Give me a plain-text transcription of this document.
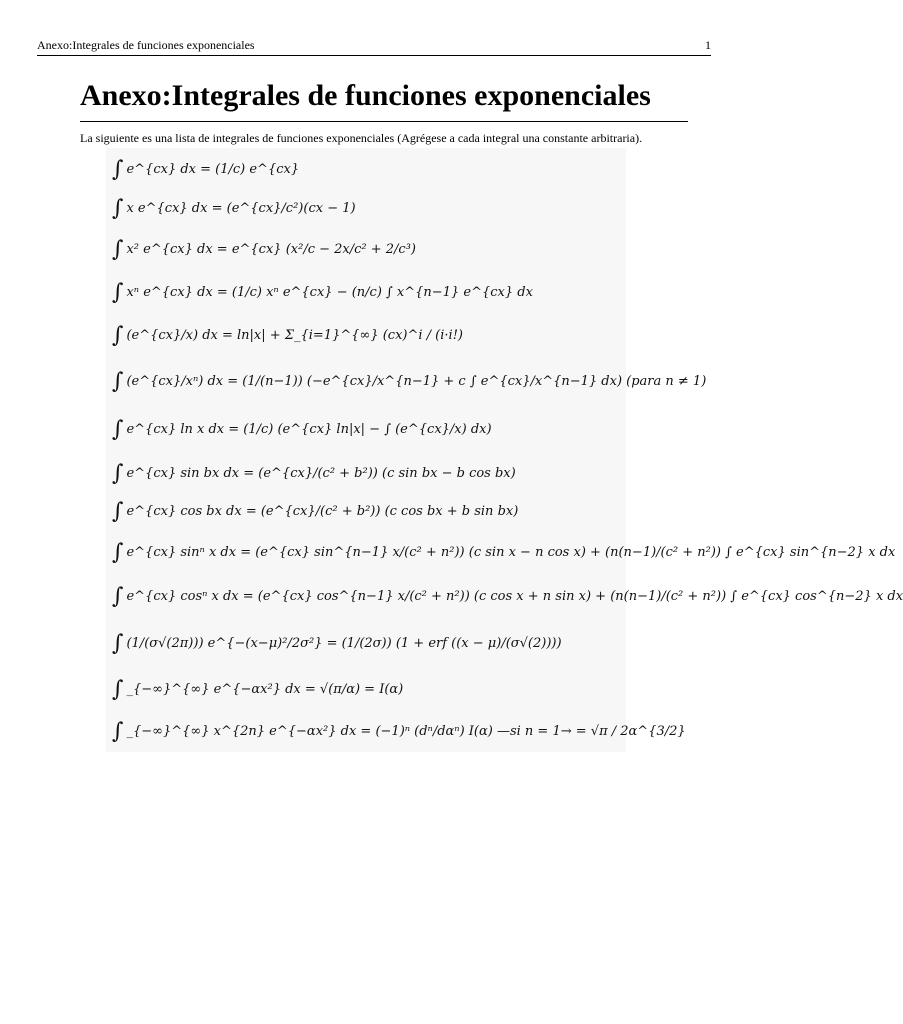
Anexo:Integrales de funciones exponenciales	1
Anexo:Integrales de funciones exponenciales

La siguiente es una lista de integrales de funciones exponenciales (Agrégese a cada integral una constante arbitraria).

∫ e^{cx} dx = (1/c) e^{cx}
∫ x e^{cx} dx = (e^{cx}/c²)(cx − 1)
∫ x² e^{cx} dx = e^{cx} (x²/c − 2x/c² + 2/c³)
∫ xⁿ e^{cx} dx = (1/c) xⁿ e^{cx} − (n/c) ∫ x^{n−1} e^{cx} dx
∫ (e^{cx}/x) dx = ln|x| + Σ_{i=1}^{∞} (cx)^i / (i·i!)
∫ (e^{cx}/xⁿ) dx = (1/(n−1)) (−e^{cx}/x^{n−1} + c ∫ e^{cx}/x^{n−1} dx) (para n ≠ 1)
∫ e^{cx} ln x dx = (1/c) (e^{cx} ln|x| − ∫ (e^{cx}/x) dx)
∫ e^{cx} sin bx dx = (e^{cx}/(c² + b²)) (c sin bx − b cos bx)
∫ e^{cx} cos bx dx = (e^{cx}/(c² + b²)) (c cos bx + b sin bx)
∫ e^{cx} sinⁿ x dx = (e^{cx} sin^{n−1} x/(c² + n²)) (c sin x − n cos x) + (n(n−1)/(c² + n²)) ∫ e^{cx} sin^{n−2} x dx
∫ e^{cx} cosⁿ x dx = (e^{cx} cos^{n−1} x/(c² + n²)) (c cos x + n sin x) + (n(n−1)/(c² + n²)) ∫ e^{cx} cos^{n−2} x dx
∫ (1/(σ√(2π))) e^{−(x−μ)²/2σ²} = (1/(2σ)) (1 + erf ((x − μ)/(σ√(2))))
∫ _{−∞}^{∞} e^{−αx²} dx = √(π/α) = I(α)
∫ _{−∞}^{∞} x^{2n} e^{−αx²} dx = (−1)ⁿ (dⁿ/dαⁿ) I(α) —si n = 1→ = √π / 2α^{3/2}
